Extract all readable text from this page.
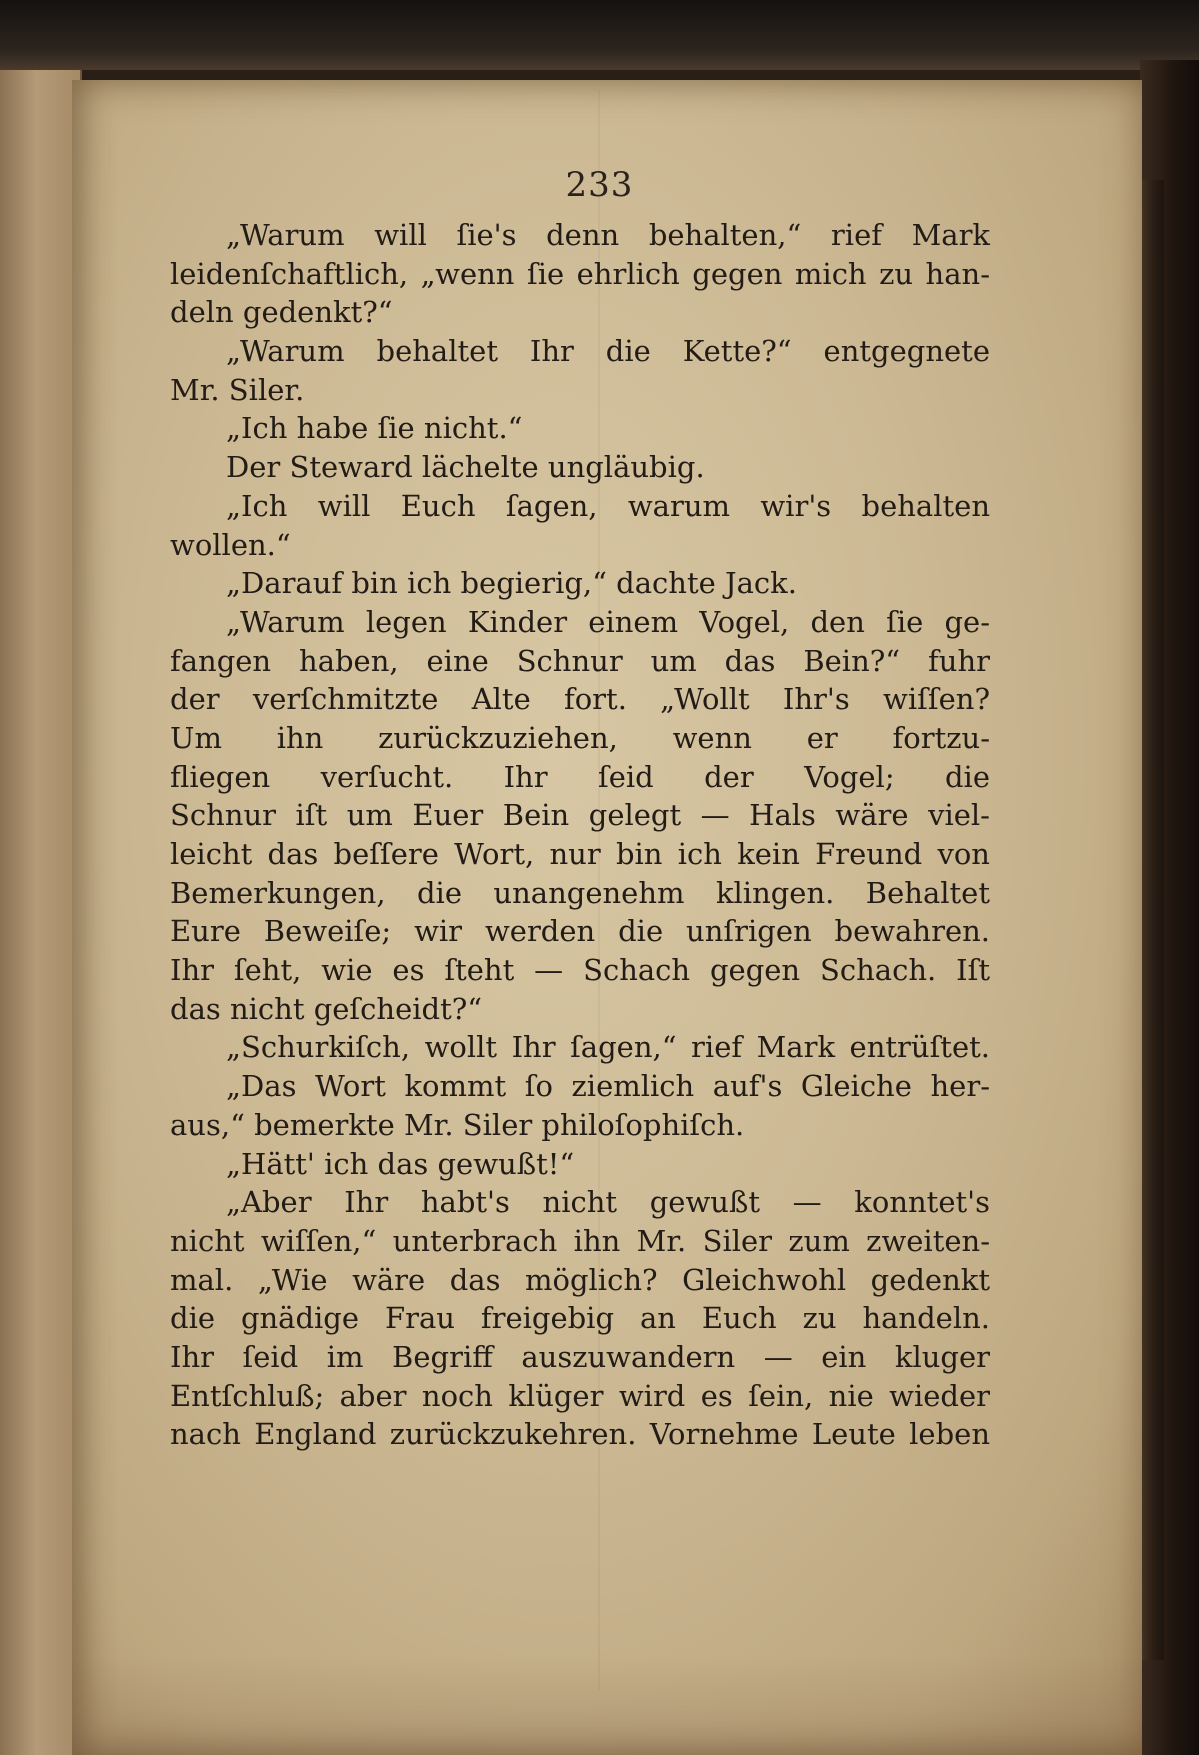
233
„Warum will ſie's denn behalten,“ rief Mark
leidenſchaftlich, „wenn ſie ehrlich gegen mich zu han-
deln gedenkt?“
„Warum behaltet Ihr die Kette?“ entgegnete
Mr. Siler.
„Ich habe ſie nicht.“
Der Steward lächelte ungläubig.
„Ich will Euch ſagen, warum wir's behalten
wollen.“
„Darauf bin ich begierig,“ dachte Jack.
„Warum legen Kinder einem Vogel, den ſie ge-
fangen haben, eine Schnur um das Bein?“ fuhr
der verſchmitzte Alte fort. „Wollt Ihr's wiſſen?
Um ihn zurückzuziehen, wenn er fortzu-
fliegen verſucht. Ihr ſeid der Vogel; die
Schnur iſt um Euer Bein gelegt — Hals wäre viel-
leicht das beſſere Wort, nur bin ich kein Freund von
Bemerkungen, die unangenehm klingen. Behaltet
Eure Beweiſe; wir werden die unſrigen bewahren.
Ihr ſeht, wie es ſteht — Schach gegen Schach. Iſt
das nicht geſcheidt?“
„Schurkiſch, wollt Ihr ſagen,“ rief Mark entrüſtet.
„Das Wort kommt ſo ziemlich auf's Gleiche her-
aus,“ bemerkte Mr. Siler philoſophiſch.
„Hätt' ich das gewußt!“
„Aber Ihr habt's nicht gewußt — konntet's
nicht wiſſen,“ unterbrach ihn Mr. Siler zum zweiten-
mal. „Wie wäre das möglich? Gleichwohl gedenkt
die gnädige Frau freigebig an Euch zu handeln.
Ihr ſeid im Begriff auszuwandern — ein kluger
Entſchluß; aber noch klüger wird es ſein, nie wieder
nach England zurückzukehren. Vornehme Leute leben
